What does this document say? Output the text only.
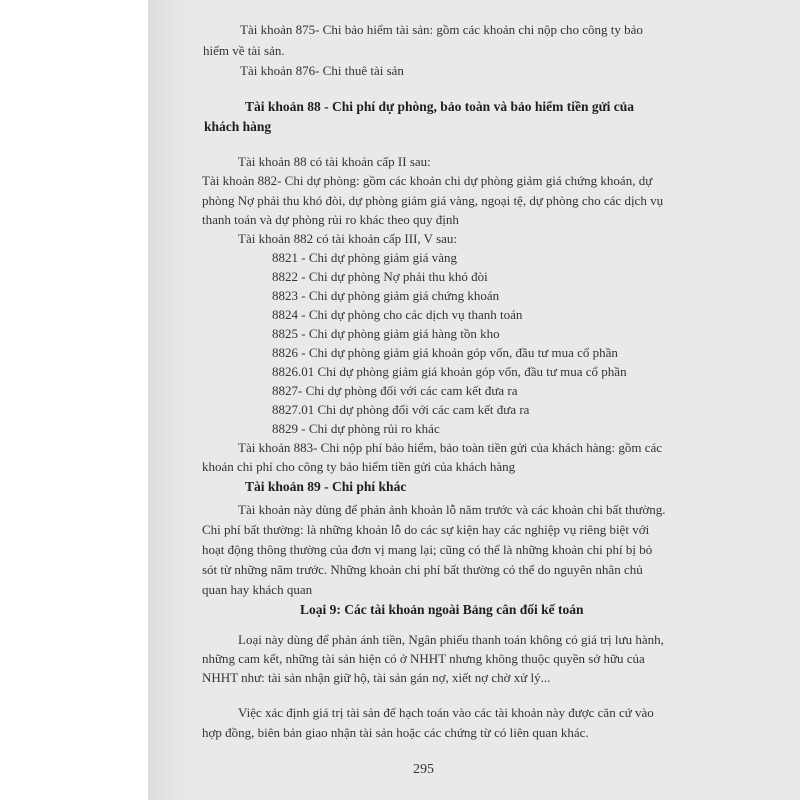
Tài khoản 875- Chi bảo hiểm tài sản: gồm các khoản chi nộp cho công ty bảo
hiểm về tài sản.
Tài khoản 876- Chi thuê tài sản
Tài khoản 88 - Chi phí dự phòng, bảo toàn và bảo hiểm tiền gửi của
khách hàng
Tài khoản 88 có tài khoản cấp II sau:
Tài khoản 882- Chi dự phòng: gồm các khoản chi dự phòng giảm giá chứng khoán, dự
phòng Nợ phải thu khó đòi, dự phòng giảm giá vàng, ngoại tệ, dự phòng cho các dịch vụ
thanh toán và dự phòng rủi ro khác theo quy định
Tài khoản 882 có tài khoản cấp III, V sau:
8821 - Chi dự phòng giảm giá vàng
8822 - Chi dự phòng Nợ phải thu khó đòi
8823 - Chi dự phòng giảm giá chứng khoán
8824 - Chi dự phòng cho các dịch vụ thanh toán
8825 - Chi dự phòng giảm giá hàng tồn kho
8826 - Chi dự phòng giảm giá khoản góp vốn, đầu tư mua cổ phần
8826.01 Chi dự phòng giảm giá khoản góp vốn, đầu tư mua cổ phần
8827- Chi dự phòng đối với các cam kết đưa ra
8827.01 Chi dự phòng đối với các cam kết đưa ra
8829 - Chi dự phòng rủi ro khác
Tài khoản 883- Chi nộp phí bảo hiểm, bảo toàn tiền gửi của khách hàng: gồm các
khoản chi phí cho công ty bảo hiểm tiền gửi của khách hàng
Tài khoản 89 - Chi phí khác
Tài khoản này dùng để phản ảnh khoản lỗ năm trước và các khoản chi bất thường.
Chi phí bất thường: là những khoản lỗ do các sự kiện hay các nghiệp vụ riêng biệt với
hoạt động thông thường của đơn vị mang lại; cũng có thể là những khoản chi phí bị bỏ
sót từ những năm trước. Những khoản chi phí bất thường có thể do nguyên nhân chủ
quan hay khách quan
Loại 9: Các tài khoản ngoài Bảng cân đối kế toán
Loại này dùng để phản ánh tiền, Ngân phiếu thanh toán không có giá trị lưu hành,
những cam kết, những tài sản hiện có ở NHHT nhưng không thuộc quyền sở hữu của
NHHT như: tài sản nhận giữ hộ, tài sản gán nợ, xiết nợ chờ xử lý...
Việc xác định giá trị tài sản để hạch toán vào các tài khoản này được căn cứ vào
hợp đồng, biên bản giao nhận tài sản hoặc các chứng từ có liên quan khác.
295
